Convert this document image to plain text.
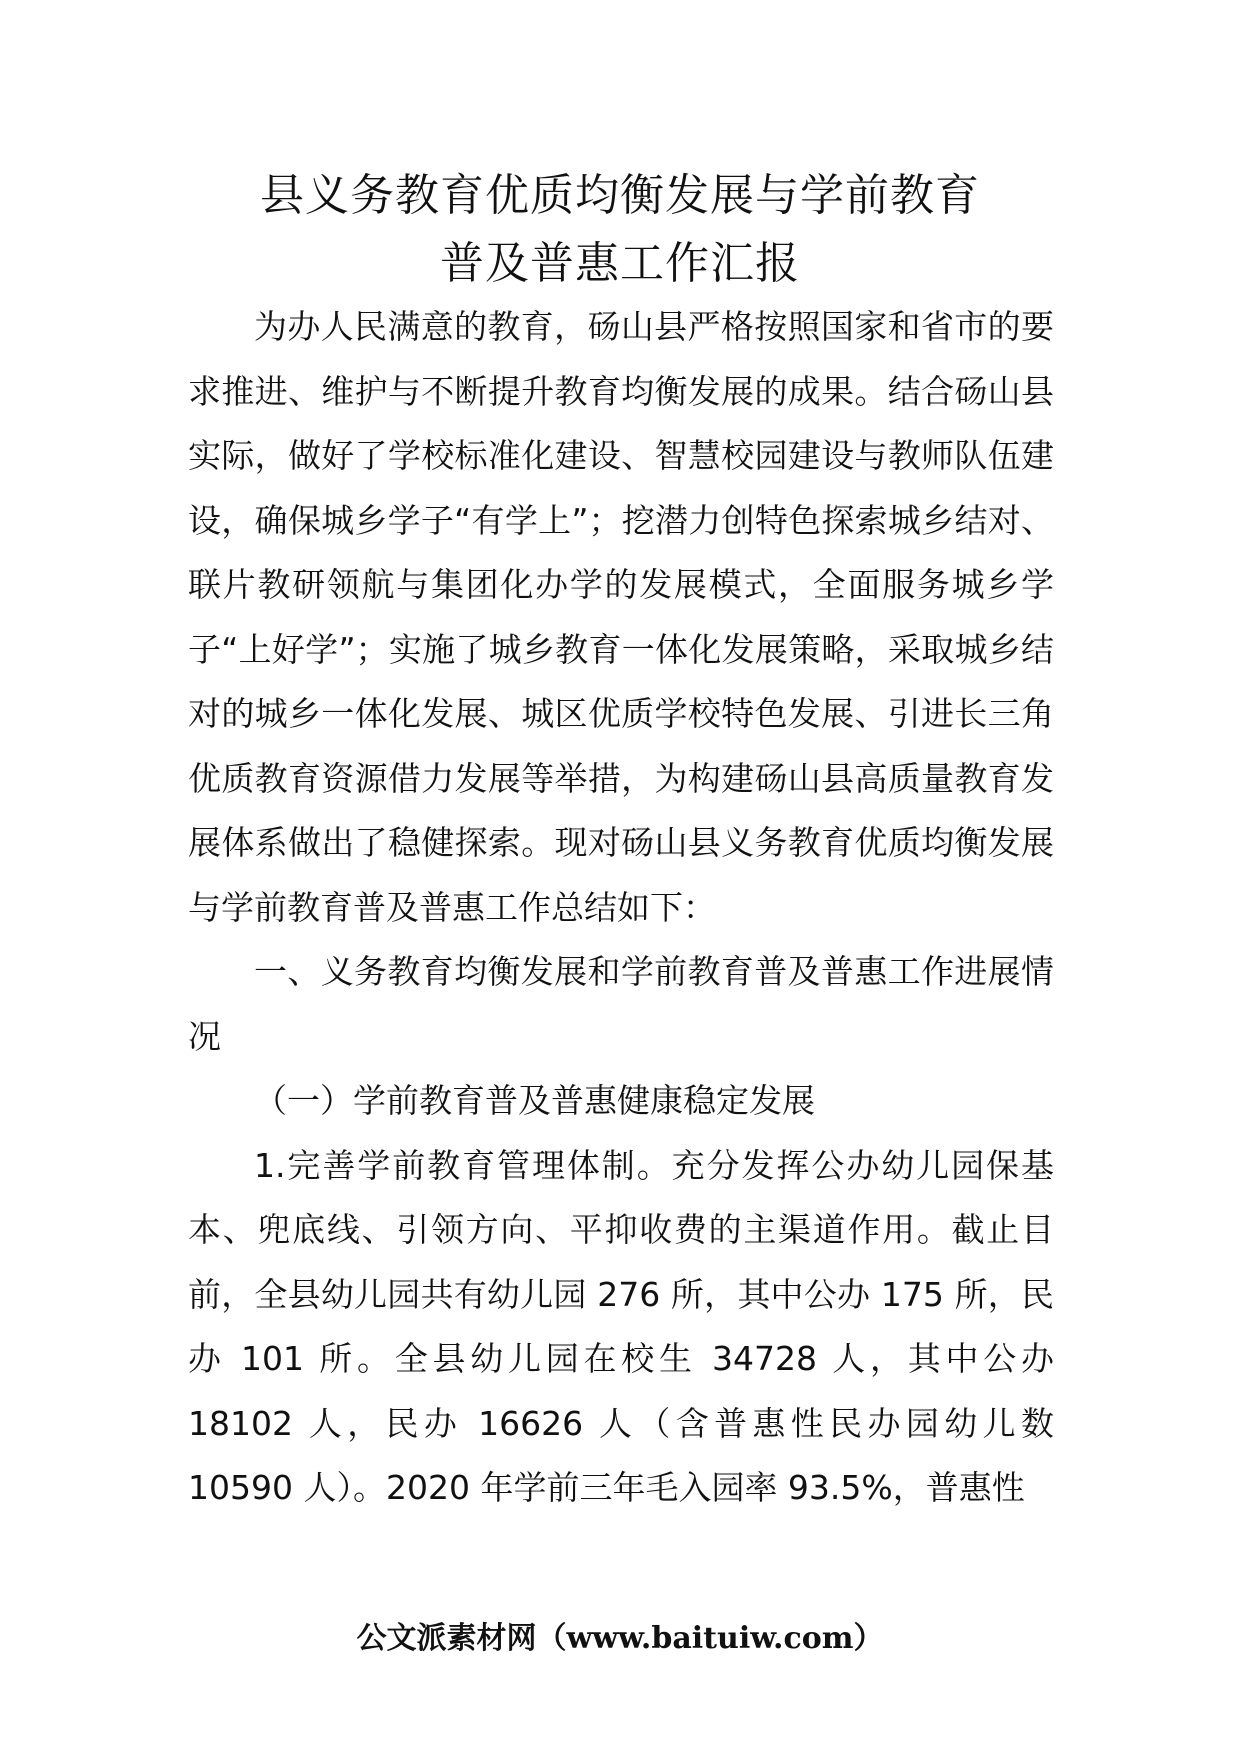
县义务教育优质均衡发展与学前教育
普及普惠工作汇报

为办人民满意的教育，砀山县严格按照国家和省市的要求推进、维护与不断提升教育均衡发展的成果。结合砀山县实际，做好了学校标准化建设、智慧校园建设与教师队伍建设，确保城乡学子“有学上”；挖潜力创特色探索城乡结对、联片教研领航与集团化办学的发展模式，全面服务城乡学子“上好学”；实施了城乡教育一体化发展策略，采取城乡结对的城乡一体化发展、城区优质学校特色发展、引进长三角优质教育资源借力发展等举措，为构建砀山县高质量教育发展体系做出了稳健探索。现对砀山县义务教育优质均衡发展与学前教育普及普惠工作总结如下：

一、义务教育均衡发展和学前教育普及普惠工作进展情况

（一）学前教育普及普惠健康稳定发展

1.完善学前教育管理体制。充分发挥公办幼儿园保基本、兜底线、引领方向、平抑收费的主渠道作用。截止目前，全县幼儿园共有幼儿园 276 所，其中公办 175 所，民办 101 所。全县幼儿园在校生 34728 人，其中公办 18102 人，民办 16626 人（含普惠性民办园幼儿数 10590 人）。2020 年学前三年毛入园率 93.5%，普惠性

公文派素材网（www.baituiw.com）
